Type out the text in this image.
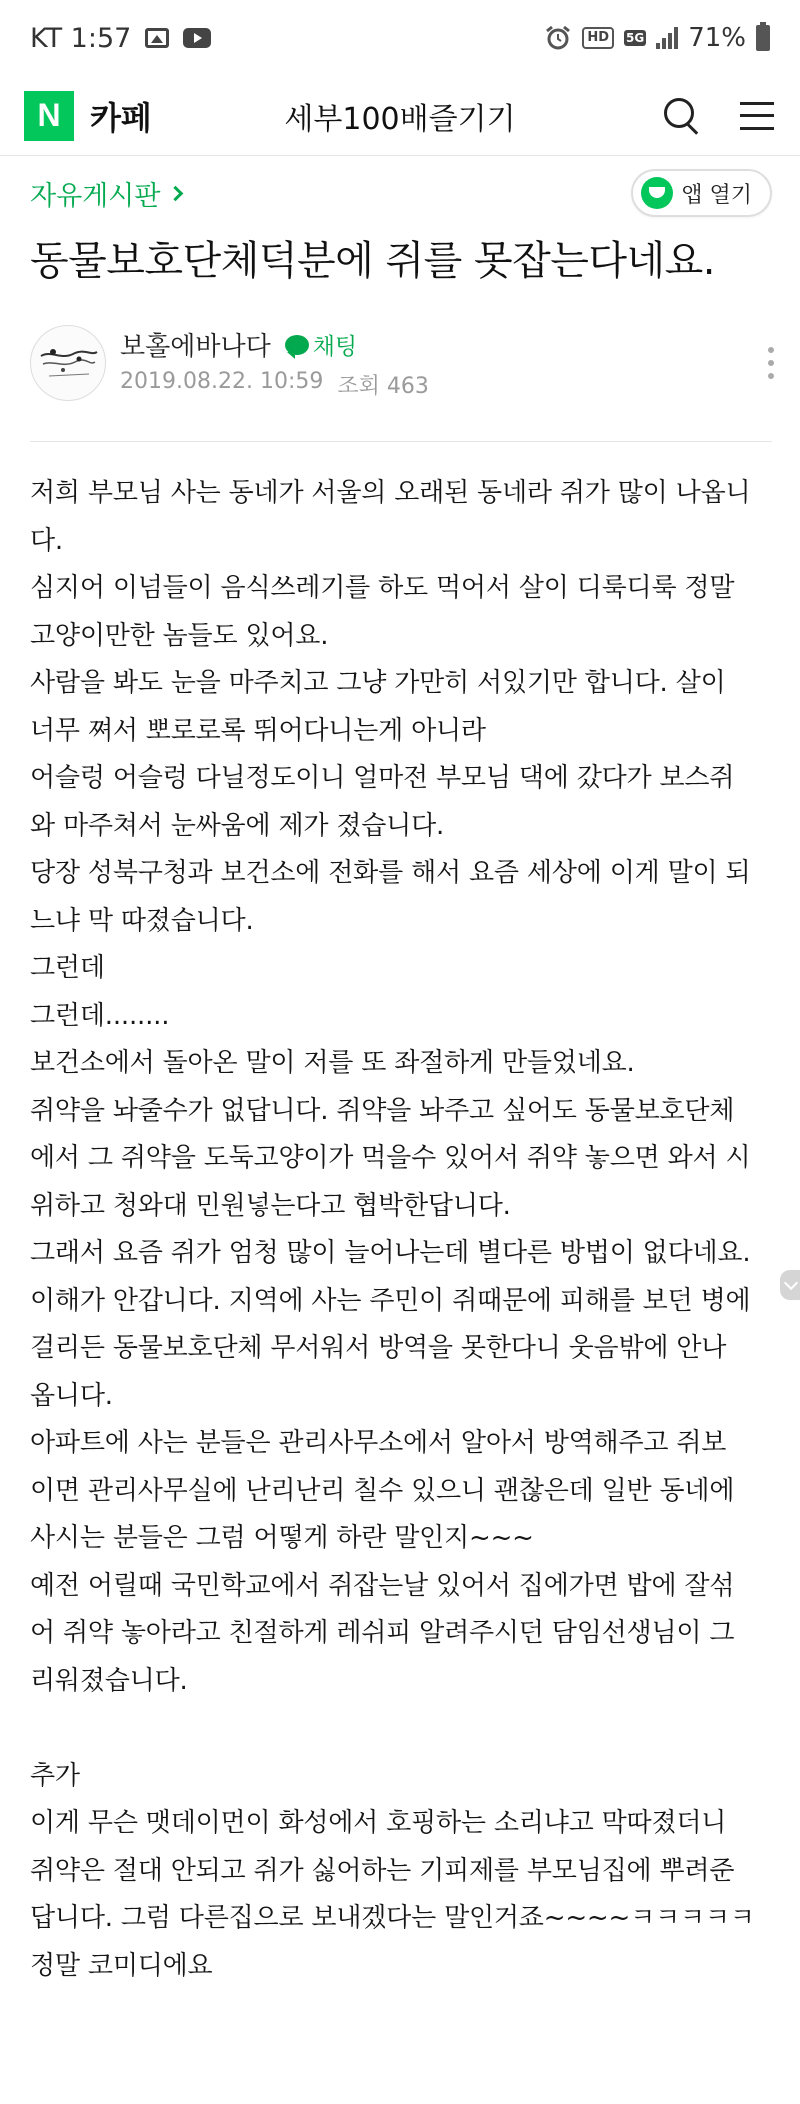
KT 1:57	HD	5G 71%
N 카페	세부100배즐기기
자유게시판	앱 열기
동물보호단체덕분에 쥐를 못잡는다네요.
보홀에바나다 채팅
2019.08.22. 10:59 조회 463

저희 부모님 사는 동네가 서울의 오래된 동네라 쥐가 많이 나옵니

다.

심지어 이넘들이 음식쓰레기를 하도 먹어서 살이 디룩디룩 정말

고양이만한 놈들도 있어요.

사람을 봐도 눈을 마주치고 그냥 가만히 서있기만 합니다. 살이

너무 쪄서 뽀로로록 뛰어다니는게 아니라

어슬렁 어슬렁 다닐정도이니 얼마전 부모님 댁에 갔다가 보스쥐

와 마주쳐서 눈싸움에 제가 졌습니다.

당장 성북구청과 보건소에 전화를 해서 요즘 세상에 이게 말이 되

느냐 막 따졌습니다.

그런데

그런데........

보건소에서 돌아온 말이 저를 또 좌절하게 만들었네요.

쥐약을 놔줄수가 없답니다. 쥐약을 놔주고 싶어도 동물보호단체

에서 그 쥐약을 도둑고양이가 먹을수 있어서 쥐약 놓으면 와서 시

위하고 청와대 민원넣는다고 협박한답니다.

그래서 요즘 쥐가 엄청 많이 늘어나는데 별다른 방법이 없다네요.

이해가 안갑니다. 지역에 사는 주민이 쥐때문에 피해를 보던 병에

걸리든 동물보호단체 무서워서 방역을 못한다니 웃음밖에 안나

옵니다.

아파트에 사는 분들은 관리사무소에서 알아서 방역해주고 쥐보

이면 관리사무실에 난리난리 칠수 있으니 괜찮은데 일반 동네에

사시는 분들은 그럼 어떻게 하란 말인지~~~

예전 어릴때 국민학교에서 쥐잡는날 있어서 집에가면 밥에 잘섞

어 쥐약 놓아라고 친절하게 레쉬피 알려주시던 담임선생님이 그

리워졌습니다.

추가

이게 무슨 맷데이먼이 화성에서 호핑하는 소리냐고 막따졌더니

쥐약은 절대 안되고 쥐가 싫어하는 기피제를 부모님집에 뿌려준

답니다. 그럼 다른집으로 보내겠다는 말인거죠~~~~ㅋㅋㅋㅋㅋ

정말 코미디에요
